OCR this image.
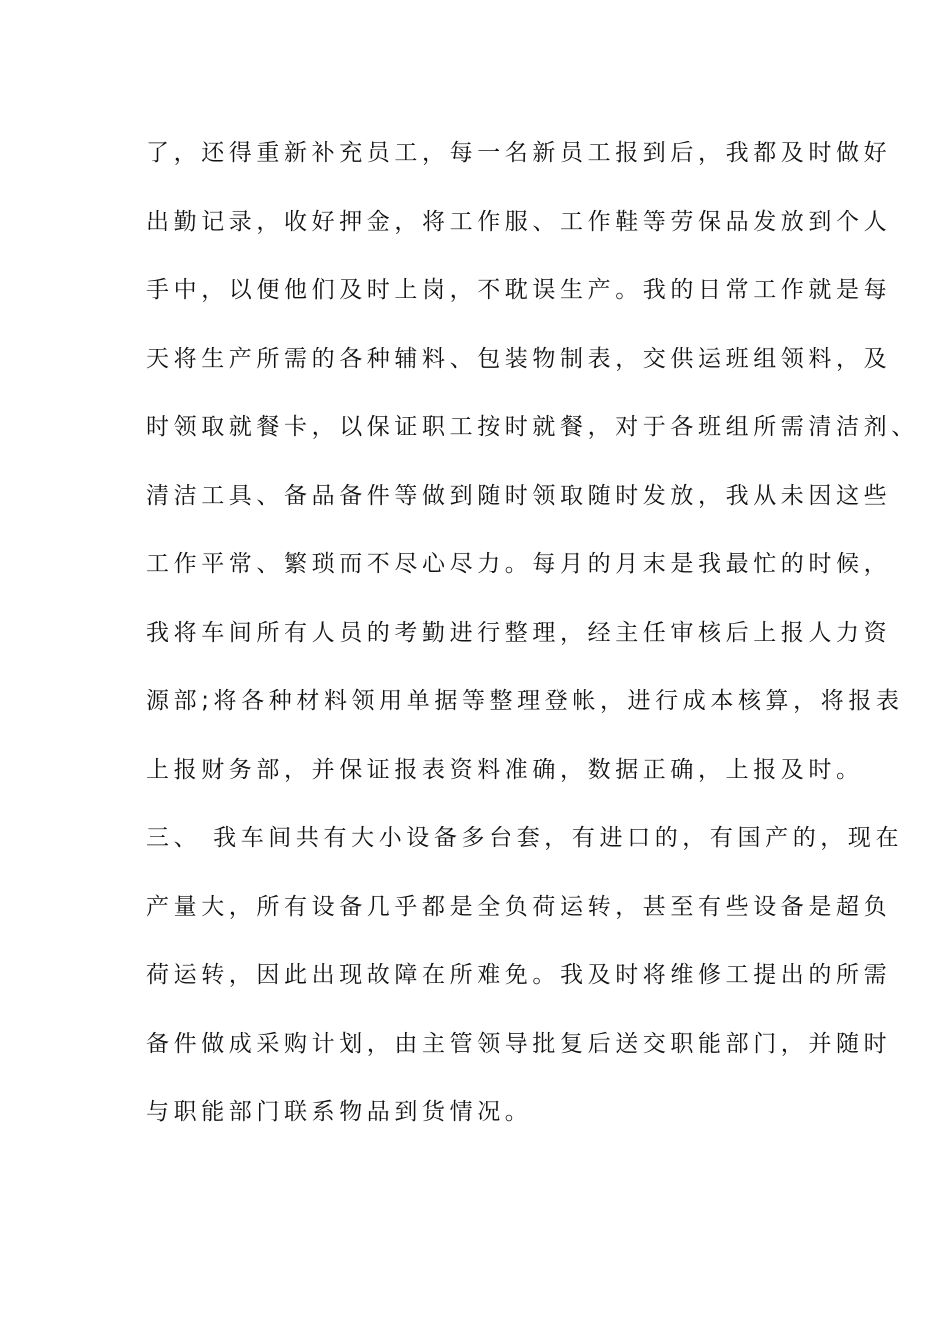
了，还得重新补充员工，每一名新员工报到后，我都及时做好
出勤记录，收好押金，将工作服、工作鞋等劳保品发放到个人
手中，以便他们及时上岗，不耽误生产。我的日常工作就是每
天将生产所需的各种辅料、包装物制表，交供运班组领料，及
时领取就餐卡，以保证职工按时就餐，对于各班组所需清洁剂、
清洁工具、备品备件等做到随时领取随时发放，我从未因这些
工作平常、繁琐而不尽心尽力。每月的月末是我最忙的时候，
我将车间所有人员的考勤进行整理，经主任审核后上报人力资
源部;将各种材料领用单据等整理登帐，进行成本核算，将报表
上报财务部，并保证报表资料准确，数据正确，上报及时。
三、 我车间共有大小设备多台套，有进口的，有国产的，现在
产量大，所有设备几乎都是全负荷运转，甚至有些设备是超负
荷运转，因此出现故障在所难免。我及时将维修工提出的所需
备件做成采购计划，由主管领导批复后送交职能部门，并随时
与职能部门联系物品到货情况。
